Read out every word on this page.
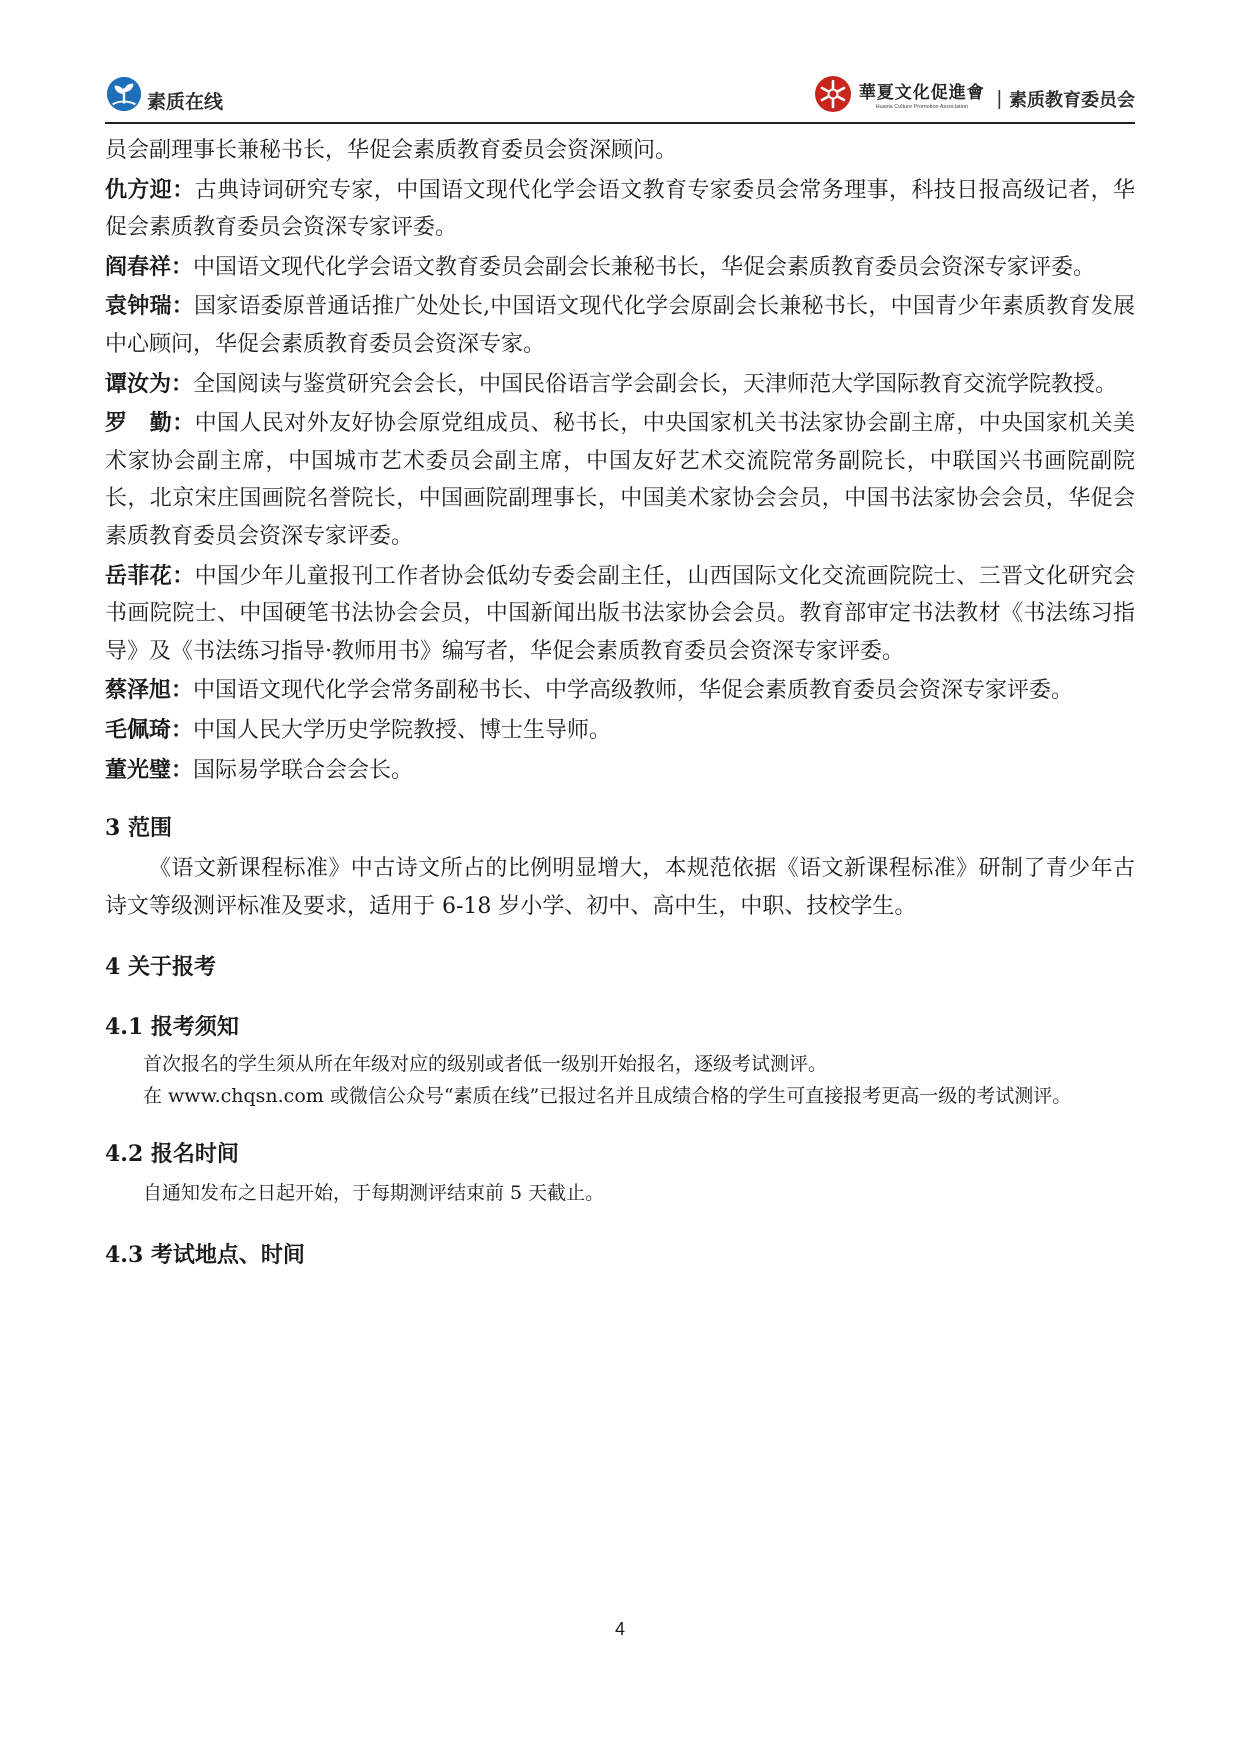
素质在线	華夏文化促進會
Huaxia Culture Promotion Association | 素质教育委员会

员会副理事长兼秘书长，华促会素质教育委员会资深顾问。

仇方迎：古典诗词研究专家，中国语文现代化学会语文教育专家委员会常务理事，科技日报高级记者，华促会素质教育委员会资深专家评委。

阎春祥：中国语文现代化学会语文教育委员会副会长兼秘书长，华促会素质教育委员会资深专家评委。

袁钟瑞：国家语委原普通话推广处处长,中国语文现代化学会原副会长兼秘书长，中国青少年素质教育发展中心顾问，华促会素质教育委员会资深专家。

谭汝为：全国阅读与鉴赏研究会会长，中国民俗语言学会副会长，天津师范大学国际教育交流学院教授。

罗　勤：中国人民对外友好协会原党组成员、秘书长，中央国家机关书法家协会副主席，中央国家机关美术家协会副主席，中国城市艺术委员会副主席，中国友好艺术交流院常务副院长，中联国兴书画院副院长，北京宋庄国画院名誉院长，中国画院副理事长，中国美术家协会会员，中国书法家协会会员，华促会素质教育委员会资深专家评委。

岳菲花：中国少年儿童报刊工作者协会低幼专委会副主任，山西国际文化交流画院院士、三晋文化研究会书画院院士、中国硬笔书法协会会员，中国新闻出版书法家协会会员。教育部审定书法教材《书法练习指导》及《书法练习指导·教师用书》编写者，华促会素质教育委员会资深专家评委。

蔡泽旭：中国语文现代化学会常务副秘书长、中学高级教师，华促会素质教育委员会资深专家评委。

毛佩琦：中国人民大学历史学院教授、博士生导师。

董光璧：国际易学联合会会长。

3 范围

《语文新课程标准》中古诗文所占的比例明显增大，本规范依据《语文新课程标准》研制了青少年古诗文等级测评标准及要求，适用于 6-18 岁小学、初中、高中生，中职、技校学生。

4 关于报考
4.1 报考须知

首次报名的学生须从所在年级对应的级别或者低一级别开始报名，逐级考试测评。

在 www.chqsn.com 或微信公众号“素质在线”已报过名并且成绩合格的学生可直接报考更高一级的考试测评。

4.2 报名时间

自通知发布之日起开始，于每期测评结束前 5 天截止。

4.3 考试地点、时间
4
